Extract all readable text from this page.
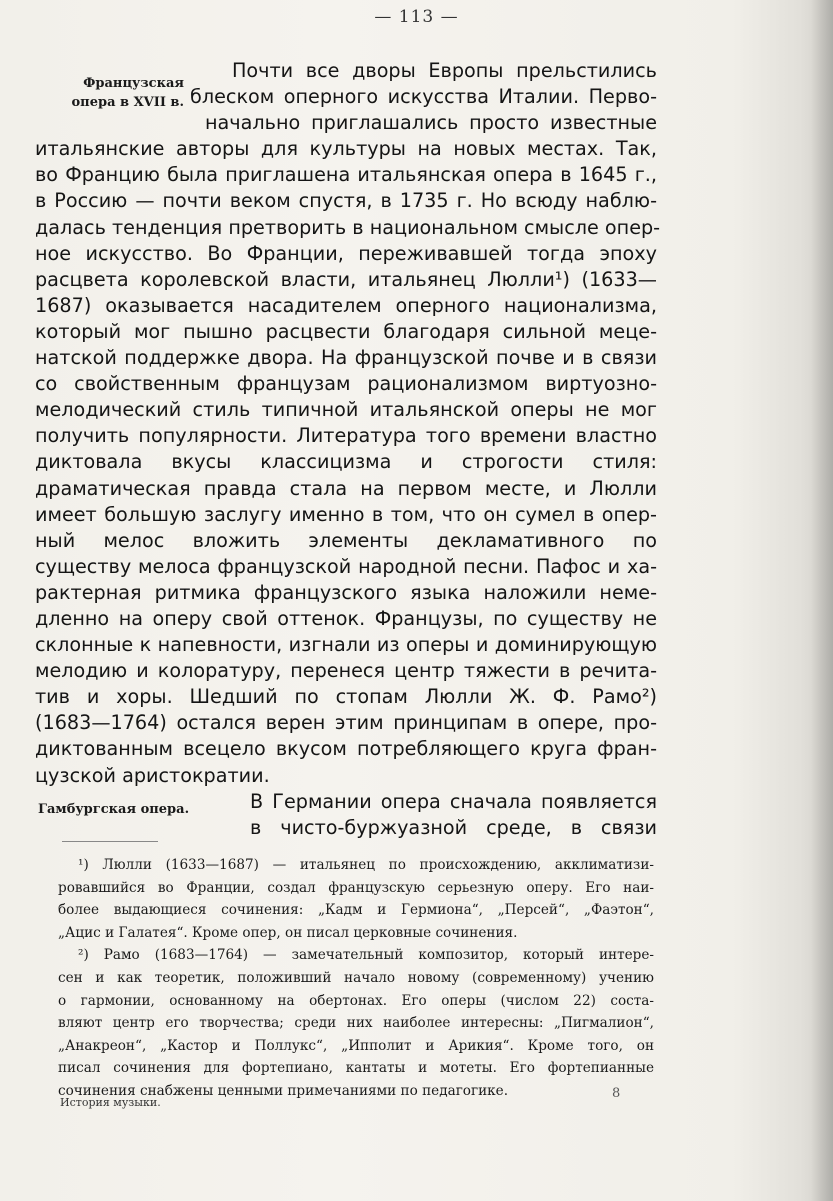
— 113 —
Французская
опера в XVII в.
Гамбургская опера.
Почти все дворы Европы прельстились
блеском оперного искусства Италии. Перво-
начально приглашались просто известные
итальянские авторы для культуры на новых местах. Так,
во Францию была приглашена итальянская опера в 1645 г.,
в Россию — почти веком спустя, в 1735 г. Но всюду наблю-
далась тенденция претворить в национальном смысле опер-
ное искусство. Во Франции, переживавшей тогда эпоху
расцвета королевской власти, итальянец Люлли¹) (1633—
1687) оказывается насадителем оперного национализма,
который мог пышно расцвести благодаря сильной меце-
натской поддержке двора. На французской почве и в связи
со свойственным французам рационализмом виртуозно-
мелодический стиль типичной итальянской оперы не мог
получить популярности. Литература того времени властно
диктовала вкусы классицизма и строгости стиля:
драматическая правда стала на первом месте, и Люлли
имеет большую заслугу именно в том, что он сумел в опер-
ный мелос вложить элементы декламативного по
существу мелоса французской народной песни. Пафос и ха-
рактерная ритмика французского языка наложили неме-
дленно на оперу свой оттенок. Французы, по существу не
склонные к напевности, изгнали из оперы и доминирующую
мелодию и колоратуру, перенеся центр тяжести в речита-
тив и хоры. Шедший по стопам Люлли Ж. Ф. Рамо²)
(1683—1764) остался верен этим принципам в опере, про-
диктованным всецело вкусом потребляющего круга фран-
цузской аристократии.
В Германии опера сначала появляется
в чисто-буржуазной среде, в связи
¹) Люлли (1633—1687) — итальянец по происхождению, акклиматизи-
ровавшийся во Франции, создал французскую серьезную оперу. Его наи-
более выдающиеся сочинения: „Кадм и Гермиона“, „Персей“, „Фаэтон“,
„Ацис и Галатея“. Кроме опер, он писал церковные сочинения.
²) Рамо (1683—1764) — замечательный композитор, который интере-
сен и как теоретик, положивший начало новому (современному) учению
о гармонии, основанному на обертонах. Его оперы (числом 22) соста-
вляют центр его творчества; среди них наиболее интересны: „Пигмалион“,
„Анакреон“, „Кастор и Поллукс“, „Ипполит и Арикия“. Кроме того, он
писал сочинения для фортепиано, кантаты и мотеты. Его фортепианные
сочинения снабжены ценными примечаниями по педагогике.
История музыки.
8
